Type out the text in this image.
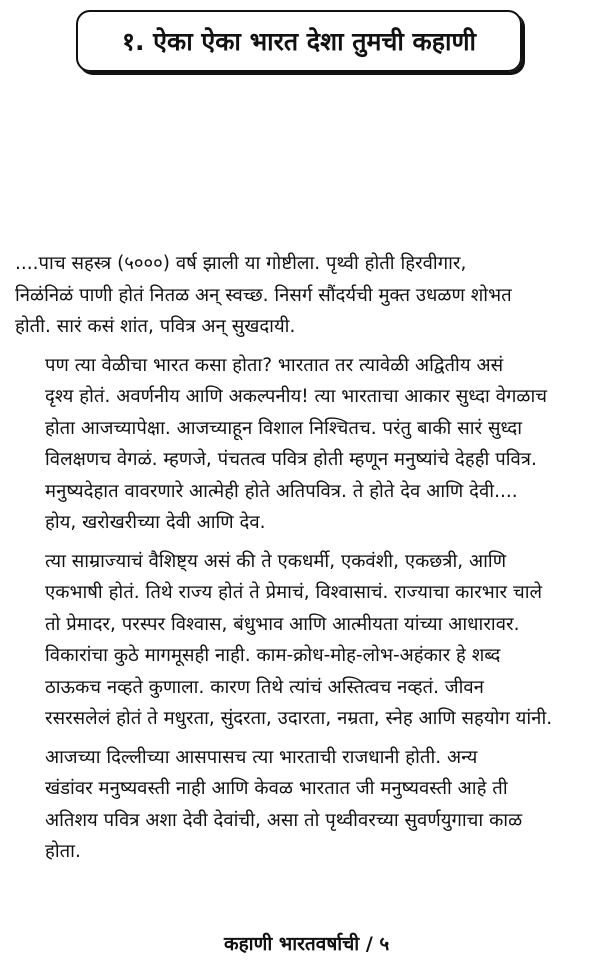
१. ऐका ऐका भारत देशा तुमची कहाणी

....पाच सहस्त्र (५०००) वर्ष झाली या गोष्टीला. पृथ्वी होती हिरवीगार,
निळंनिळं पाणी होतं नितळ अन् स्वच्छ. निसर्ग सौंदर्यची मुक्त उधळण शोभत
होती. सारं कसं शांत, पवित्र अन् सुखदायी.

पण त्या वेळीचा भारत कसा होता? भारतात तर त्यावेळी अद्वितीय असं
दृश्य होतं. अवर्णनीय आणि अकल्पनीय! त्या भारताचा आकार सुध्दा वेगळाच
होता आजच्यापेक्षा. आजच्याहून विशाल निश्चितच. परंतु बाकी सारं सुध्दा
विलक्षणच वेगळं. म्हणजे, पंचतत्व पवित्र होती म्हणून मनुष्यांचे देहही पवित्र.
मनुष्यदेहात वावरणारे आत्मेही होते अतिपवित्र. ते होते देव आणि देवी....
होय, खरोखरीच्या देवी आणि देव.

त्या साम्राज्याचं वैशिष्ट्य असं की ते एकधर्मी, एकवंशी, एकछत्री, आणि
एकभाषी होतं. तिथे राज्य होतं ते प्रेमाचं, विश्वासाचं. राज्याचा कारभार चाले
तो प्रेमादर, परस्पर विश्वास, बंधुभाव आणि आत्मीयता यांच्या आधारावर.
विकारांचा कुठे मागमूसही नाही. काम-क्रोध-मोह-लोभ-अहंकार हे शब्द
ठाऊकच नव्हते कुणाला. कारण तिथे त्यांचं अस्तित्वच नव्हतं. जीवन
रसरसलेलं होतं ते मधुरता, सुंदरता, उदारता, नम्रता, स्नेह आणि सहयोग यांनी.

आजच्या दिल्लीच्या आसपासच त्या भारताची राजधानी होती. अन्य
खंडांवर मनुष्यवस्ती नाही आणि केवळ भारतात जी मनुष्यवस्ती आहे ती
अतिशय पवित्र अशा देवी देवांची, असा तो पृथ्वीवरच्या सुवर्णयुगाचा काळ
होता.

कहाणी भारतवर्षाची / ५
